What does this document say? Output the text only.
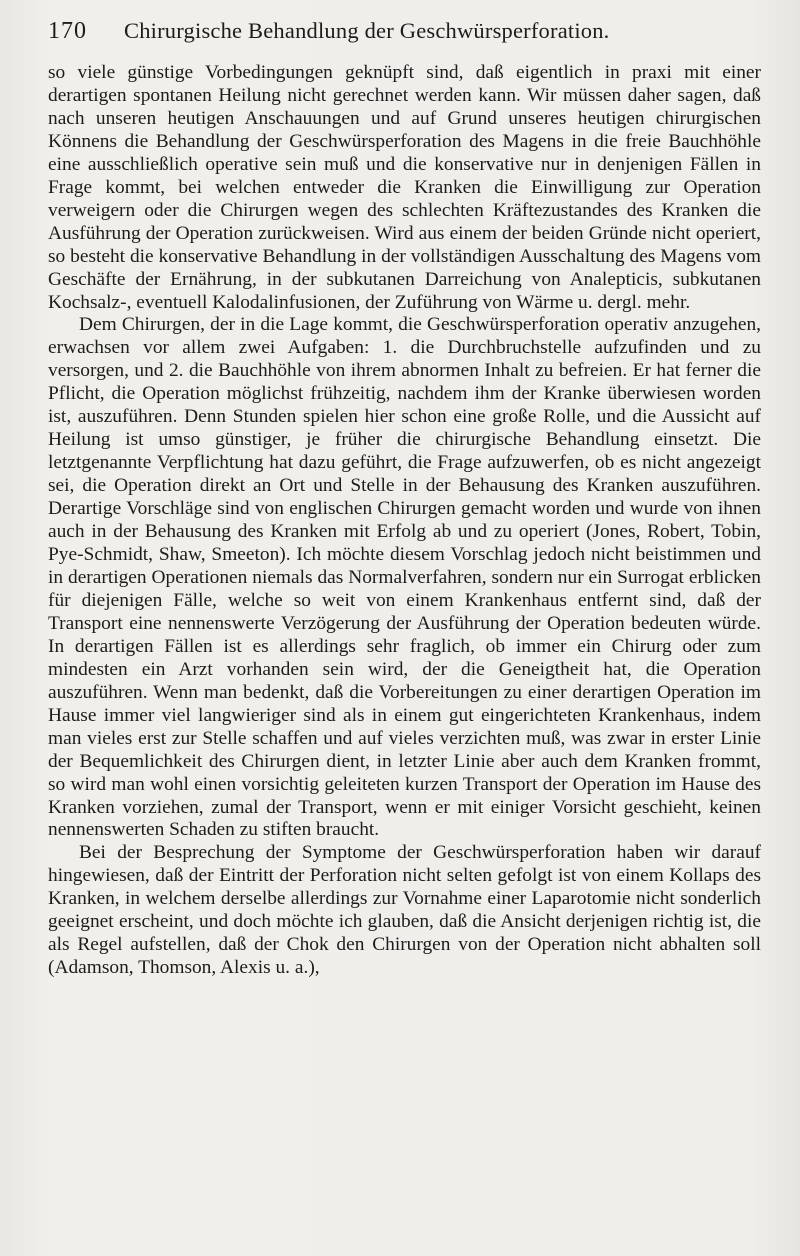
170 Chirurgische Behandlung der Geschwürsperforation.

so viele günstige Vorbedingungen geknüpft sind, daß eigentlich in praxi mit einer derartigen spontanen Heilung nicht gerechnet werden kann. Wir müssen daher sagen, daß nach unseren heutigen Anschauungen und auf Grund unseres heutigen chirurgischen Könnens die Behandlung der Geschwürsperforation des Magens in die freie Bauchhöhle eine ausschließlich operative sein muß und die konservative nur in denjenigen Fällen in Frage kommt, bei welchen entweder die Kranken die Einwilligung zur Operation verweigern oder die Chirurgen wegen des schlechten Kräftezustandes des Kranken die Ausführung der Operation zurückweisen. Wird aus einem der beiden Gründe nicht operiert, so besteht die konservative Behandlung in der vollständigen Ausschaltung des Magens vom Geschäfte der Ernährung, in der subkutanen Darreichung von Analepticis, subkutanen Kochsalz-, eventuell Kalodalinfusionen, der Zuführung von Wärme u. dergl. mehr.

Dem Chirurgen, der in die Lage kommt, die Geschwürsperforation operativ anzugehen, erwachsen vor allem zwei Aufgaben: 1. die Durchbruchstelle aufzufinden und zu versorgen, und 2. die Bauchhöhle von ihrem abnormen Inhalt zu befreien. Er hat ferner die Pflicht, die Operation möglichst frühzeitig, nachdem ihm der Kranke überwiesen worden ist, auszuführen. Denn Stunden spielen hier schon eine große Rolle, und die Aussicht auf Heilung ist umso günstiger, je früher die chirurgische Behandlung einsetzt. Die letztgenannte Verpflichtung hat dazu geführt, die Frage aufzuwerfen, ob es nicht angezeigt sei, die Operation direkt an Ort und Stelle in der Behausung des Kranken auszuführen. Derartige Vorschläge sind von englischen Chirurgen gemacht worden und wurde von ihnen auch in der Behausung des Kranken mit Erfolg ab und zu operiert (Jones, Robert, Tobin, Pye-Schmidt, Shaw, Smeeton). Ich möchte diesem Vorschlag jedoch nicht beistimmen und in derartigen Operationen niemals das Normalverfahren, sondern nur ein Surrogat erblicken für diejenigen Fälle, welche so weit von einem Krankenhaus entfernt sind, daß der Transport eine nennenswerte Verzögerung der Ausführung der Operation bedeuten würde. In derartigen Fällen ist es allerdings sehr fraglich, ob immer ein Chirurg oder zum mindesten ein Arzt vorhanden sein wird, der die Geneigtheit hat, die Operation auszuführen. Wenn man bedenkt, daß die Vorbereitungen zu einer derartigen Operation im Hause immer viel langwieriger sind als in einem gut eingerichteten Krankenhaus, indem man vieles erst zur Stelle schaffen und auf vieles verzichten muß, was zwar in erster Linie der Bequemlichkeit des Chirurgen dient, in letzter Linie aber auch dem Kranken frommt, so wird man wohl einen vorsichtig geleiteten kurzen Transport der Operation im Hause des Kranken vorziehen, zumal der Transport, wenn er mit einiger Vorsicht geschieht, keinen nennenswerten Schaden zu stiften braucht.

Bei der Besprechung der Symptome der Geschwürsperforation haben wir darauf hingewiesen, daß der Eintritt der Perforation nicht selten gefolgt ist von einem Kollaps des Kranken, in welchem derselbe allerdings zur Vornahme einer Laparotomie nicht sonderlich geeignet erscheint, und doch möchte ich glauben, daß die Ansicht derjenigen richtig ist, die als Regel aufstellen, daß der Chok den Chirurgen von der Operation nicht abhalten soll (Adamson, Thomson, Alexis u. a.),
